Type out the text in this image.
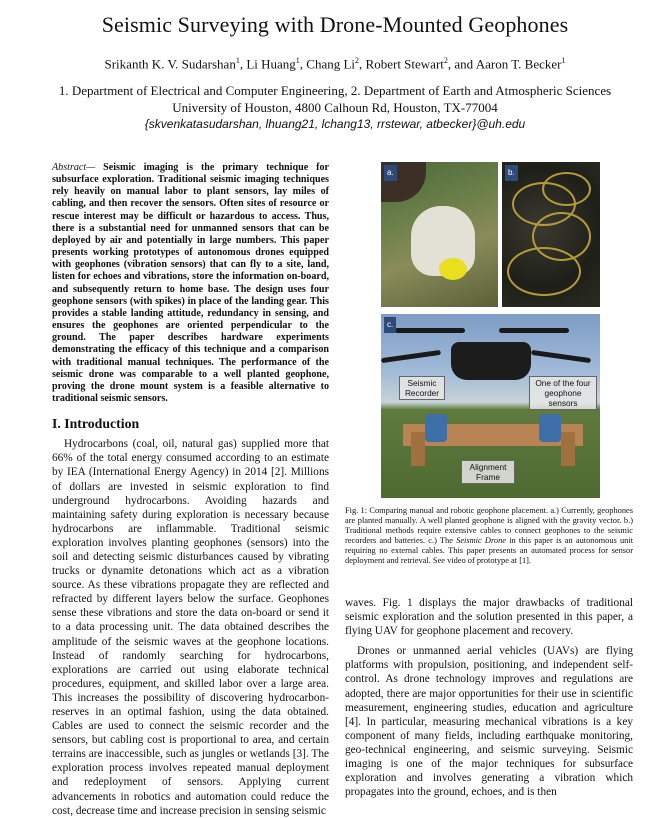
Seismic Surveying with Drone-Mounted Geophones
Srikanth K. V. Sudarshan$^1$, Li Huang$^1$, Chang Li$^2$, Robert Stewart$^2$, and Aaron T. Becker$^1$
1. Department of Electrical and Computer Engineering, 2. Department of Earth and Atmospheric Sciences
University of Houston, 4800 Calhoun Rd, Houston, TX-77004
{skvenkatasudarshan, lhuang21, lchang13, rrstewar, atbecker}@uh.edu

Abstract— Seismic imaging is the primary technique for subsurface exploration. Traditional seismic imaging techniques rely heavily on manual labor to plant sensors, lay miles of cabling, and then recover the sensors. Often sites of resource or rescue interest may be difficult or hazardous to access. Thus, there is a substantial need for unmanned sensors that can be deployed by air and potentially in large numbers. This paper presents working prototypes of autonomous drones equipped with geophones (vibration sensors) that can fly to a site, land, listen for echoes and vibrations, store the information on-board, and subsequently return to home base. The design uses four geophone sensors (with spikes) in place of the landing gear. This provides a stable landing attitude, redundancy in sensing, and ensures the geophones are oriented perpendicular to the ground. The paper describes hardware experiments demonstrating the efficacy of this technique and a comparison with traditional manual techniques. The performance of the seismic drone was comparable to a well planted geophone, proving the drone mount system is a feasible alternative to traditional seismic sensors.

I. Introduction

Hydrocarbons (coal, oil, natural gas) supplied more that 66% of the total energy consumed according to an estimate by IEA (International Energy Agency) in 2014 [2]. Millions of dollars are invested in seismic exploration to find underground hydrocarbons. Avoiding hazards and maintaining safety during exploration is necessary because hydrocarbons are inflammable. Traditional seismic exploration involves planting geophones (sensors) into the soil and detecting seismic disturbances caused by vibrating trucks or dynamite detonations which act as a vibration source. As these vibrations propagate they are reflected and refracted by different layers below the surface. Geophones sense these vibrations and store the data on-board or send it to a data processing unit. The data obtained describes the amplitude of the seismic waves at the geophone locations. Instead of randomly searching for hydrocarbons, explorations are carried out using elaborate technical procedures, equipment, and skilled labor over a large area. This increases the possibility of discovering hydrocarbon-reserves in an optimal fashion, using the data obtained. Cables are used to connect the seismic recorder and the sensors, but cabling cost is proportional to area, and certain terrains are inaccessible, such as jungles or wetlands [3]. The exploration process involves repeated manual deployment and redeployment of sensors. Applying current advancements in robotics and automation could reduce the cost, decrease time and increase precision in sensing seismic

a.	b.
c.
Seismic Recorder
One of the four geophone sensors
Alignment Frame
Fig. 1: Comparing manual and robotic geophone placement. a.) Currently, geophones are planted manually. A well planted geophone is aligned with the gravity vector. b.) Traditional methods require extensive cables to connect geophones to the seismic recorders and batteries. c.) The Seismic Drone in this paper is an autonomous unit requiring no external cables. This paper presents an automated process for sensor deployment and retrieval. See video of prototype at [1].

waves. Fig. 1 displays the major drawbacks of traditional seismic exploration and the solution presented in this paper, a flying UAV for geophone placement and recovery.

Drones or unmanned aerial vehicles (UAVs) are flying platforms with propulsion, positioning, and independent self-control. As drone technology improves and regulations are adopted, there are major opportunities for their use in scientific measurement, engineering studies, education and agriculture [4]. In particular, measuring mechanical vibrations is a key component of many fields, including earthquake monitoring, geo-technical engineering, and seismic surveying. Seismic imaging is one of the major techniques for subsurface exploration and involves generating a vibration which propagates into the ground, echoes, and is then
